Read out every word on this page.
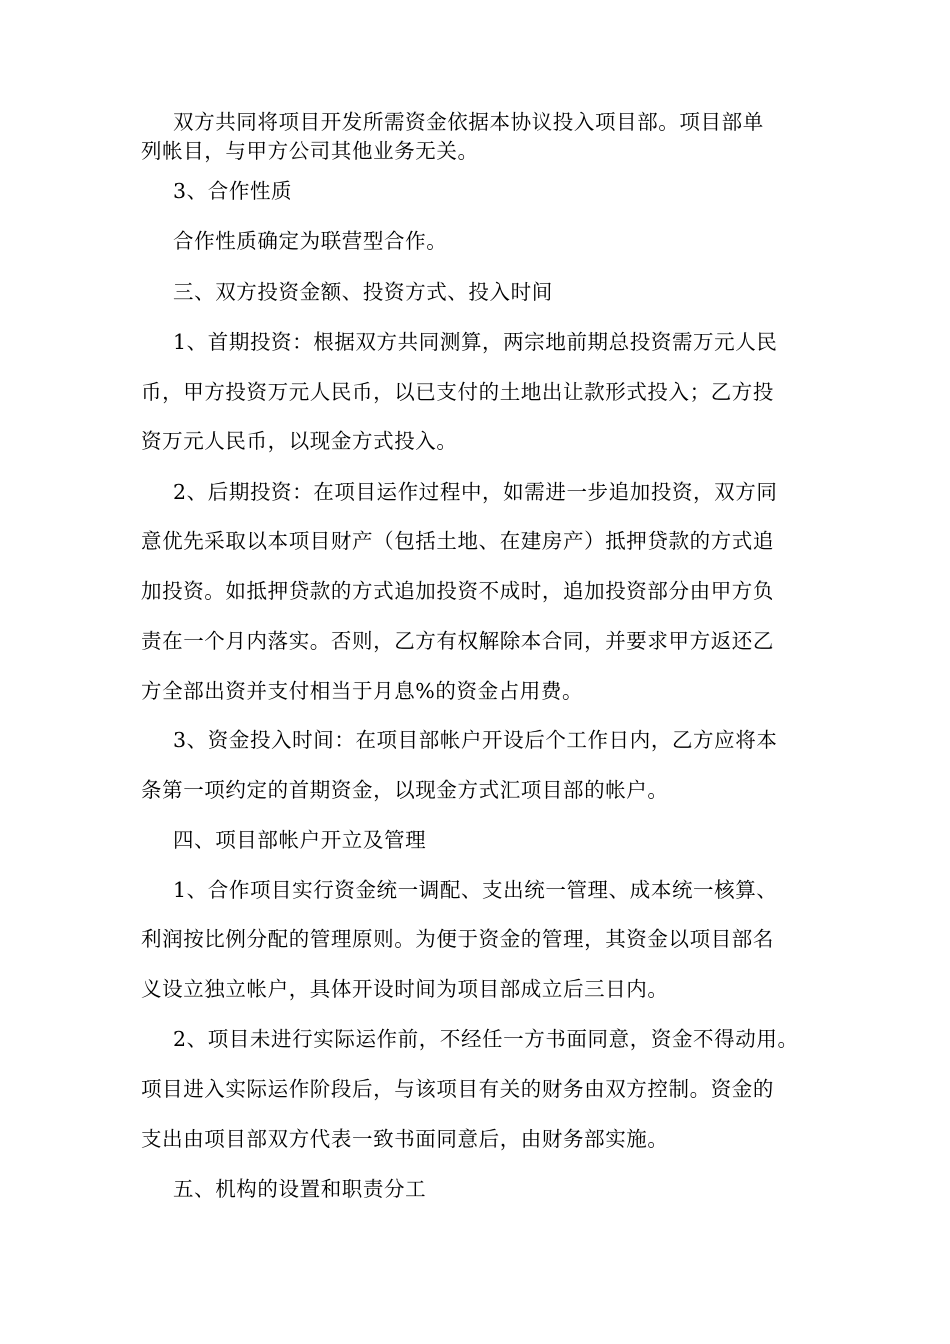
双方共同将项目开发所需资金依据本协议投入项目部。项目部单
列帐目，与甲方公司其他业务无关。
3、合作性质
合作性质确定为联营型合作。
三、双方投资金额、投资方式、投入时间
1、首期投资：根据双方共同测算，两宗地前期总投资需万元人民
币，甲方投资万元人民币，以已支付的土地出让款形式投入；乙方投
资万元人民币，以现金方式投入。
2、后期投资：在项目运作过程中，如需进一步追加投资，双方同
意优先采取以本项目财产（包括土地、在建房产）抵押贷款的方式追
加投资。如抵押贷款的方式追加投资不成时，追加投资部分由甲方负
责在一个月内落实。否则，乙方有权解除本合同，并要求甲方返还乙
方全部出资并支付相当于月息%的资金占用费。
3、资金投入时间：在项目部帐户开设后个工作日内，乙方应将本
条第一项约定的首期资金，以现金方式汇项目部的帐户。
四、项目部帐户开立及管理
1、合作项目实行资金统一调配、支出统一管理、成本统一核算、
利润按比例分配的管理原则。为便于资金的管理，其资金以项目部名
义设立独立帐户，具体开设时间为项目部成立后三日内。
2、项目未进行实际运作前，不经任一方书面同意，资金不得动用。
项目进入实际运作阶段后，与该项目有关的财务由双方控制。资金的
支出由项目部双方代表一致书面同意后，由财务部实施。
五、机构的设置和职责分工
